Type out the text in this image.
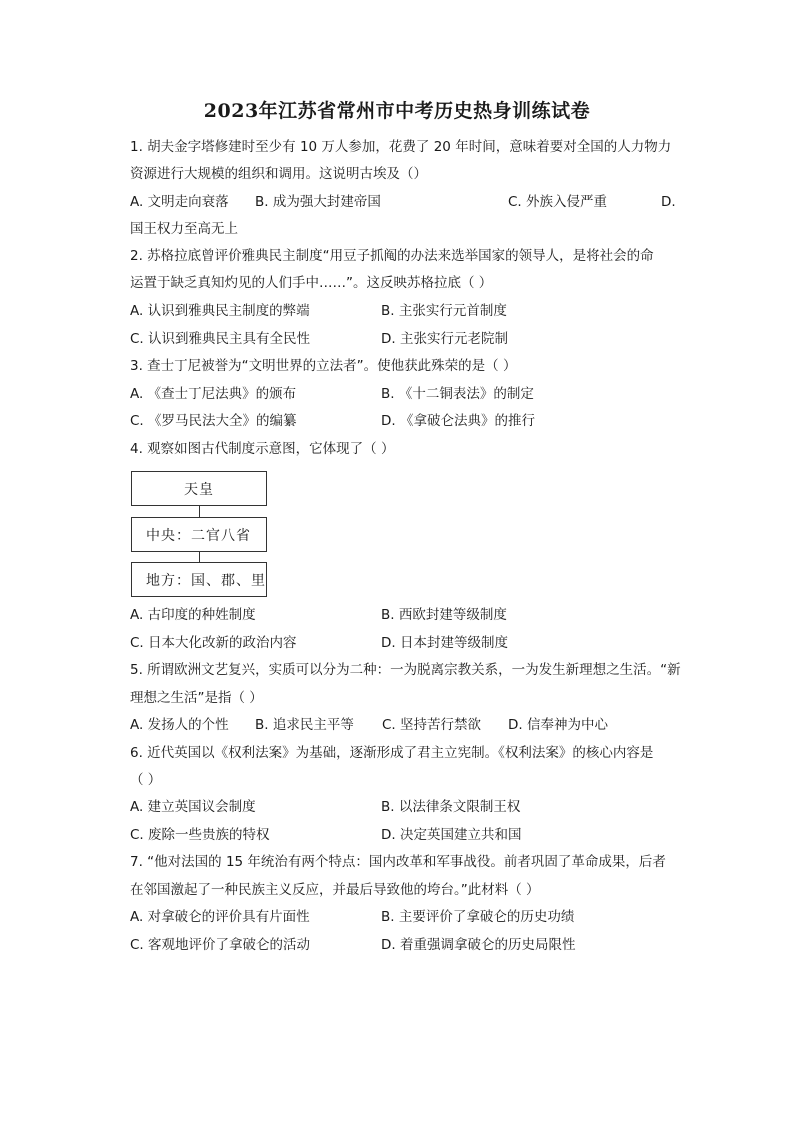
2023年江苏省常州市中考历史热身训练试卷
1. 胡夫金字塔修建时至少有 10 万人参加，花费了 20 年时间，意味着要对全国的人力物力
资源进行大规模的组织和调用。这说明古埃及（）
A. 文明走向衰落 B. 成为强大封建帝国	C. 外族入侵严重	D.
国王权力至高无上
2. 苏格拉底曾评价雅典民主制度“用豆子抓阄的办法来选举国家的领导人，是将社会的命
运置于缺乏真知灼见的人们手中……”。这反映苏格拉底（ ）
A. 认识到雅典民主制度的弊端	B. 主张实行元首制度
C. 认识到雅典民主具有全民性	D. 主张实行元老院制
3. 查士丁尼被誉为“文明世界的立法者”。使他获此殊荣的是（ ）
A. 《查士丁尼法典》的颁布	B. 《十二铜表法》的制定
C. 《罗马民法大全》的编纂	D. 《拿破仑法典》的推行
4. 观察如图古代制度示意图，它体现了（ ）
天皇
中央：二官八省
地方：国、郡、里
A. 古印度的种姓制度	B. 西欧封建等级制度
C. 日本大化改新的政治内容	D. 日本封建等级制度
5. 所谓欧洲文艺复兴，实质可以分为二种：一为脱离宗教关系，一为发生新理想之生活。“新
理想之生活”是指（ ）
A. 发扬人的个性 B. 追求民主平等 C. 坚持苦行禁欲 D. 信奉神为中心
6. 近代英国以《权利法案》为基础，逐渐形成了君主立宪制。《权利法案》的核心内容是
（ ）
A. 建立英国议会制度	B. 以法律条文限制王权
C. 废除一些贵族的特权	D. 决定英国建立共和国
7. “他对法国的 15 年统治有两个特点：国内改革和军事战役。前者巩固了革命成果，后者
在邻国激起了一种民族主义反应，并最后导致他的垮台。”此材料（ ）
A. 对拿破仑的评价具有片面性	B. 主要评价了拿破仑的历史功绩
C. 客观地评价了拿破仑的活动	D. 着重强调拿破仑的历史局限性
